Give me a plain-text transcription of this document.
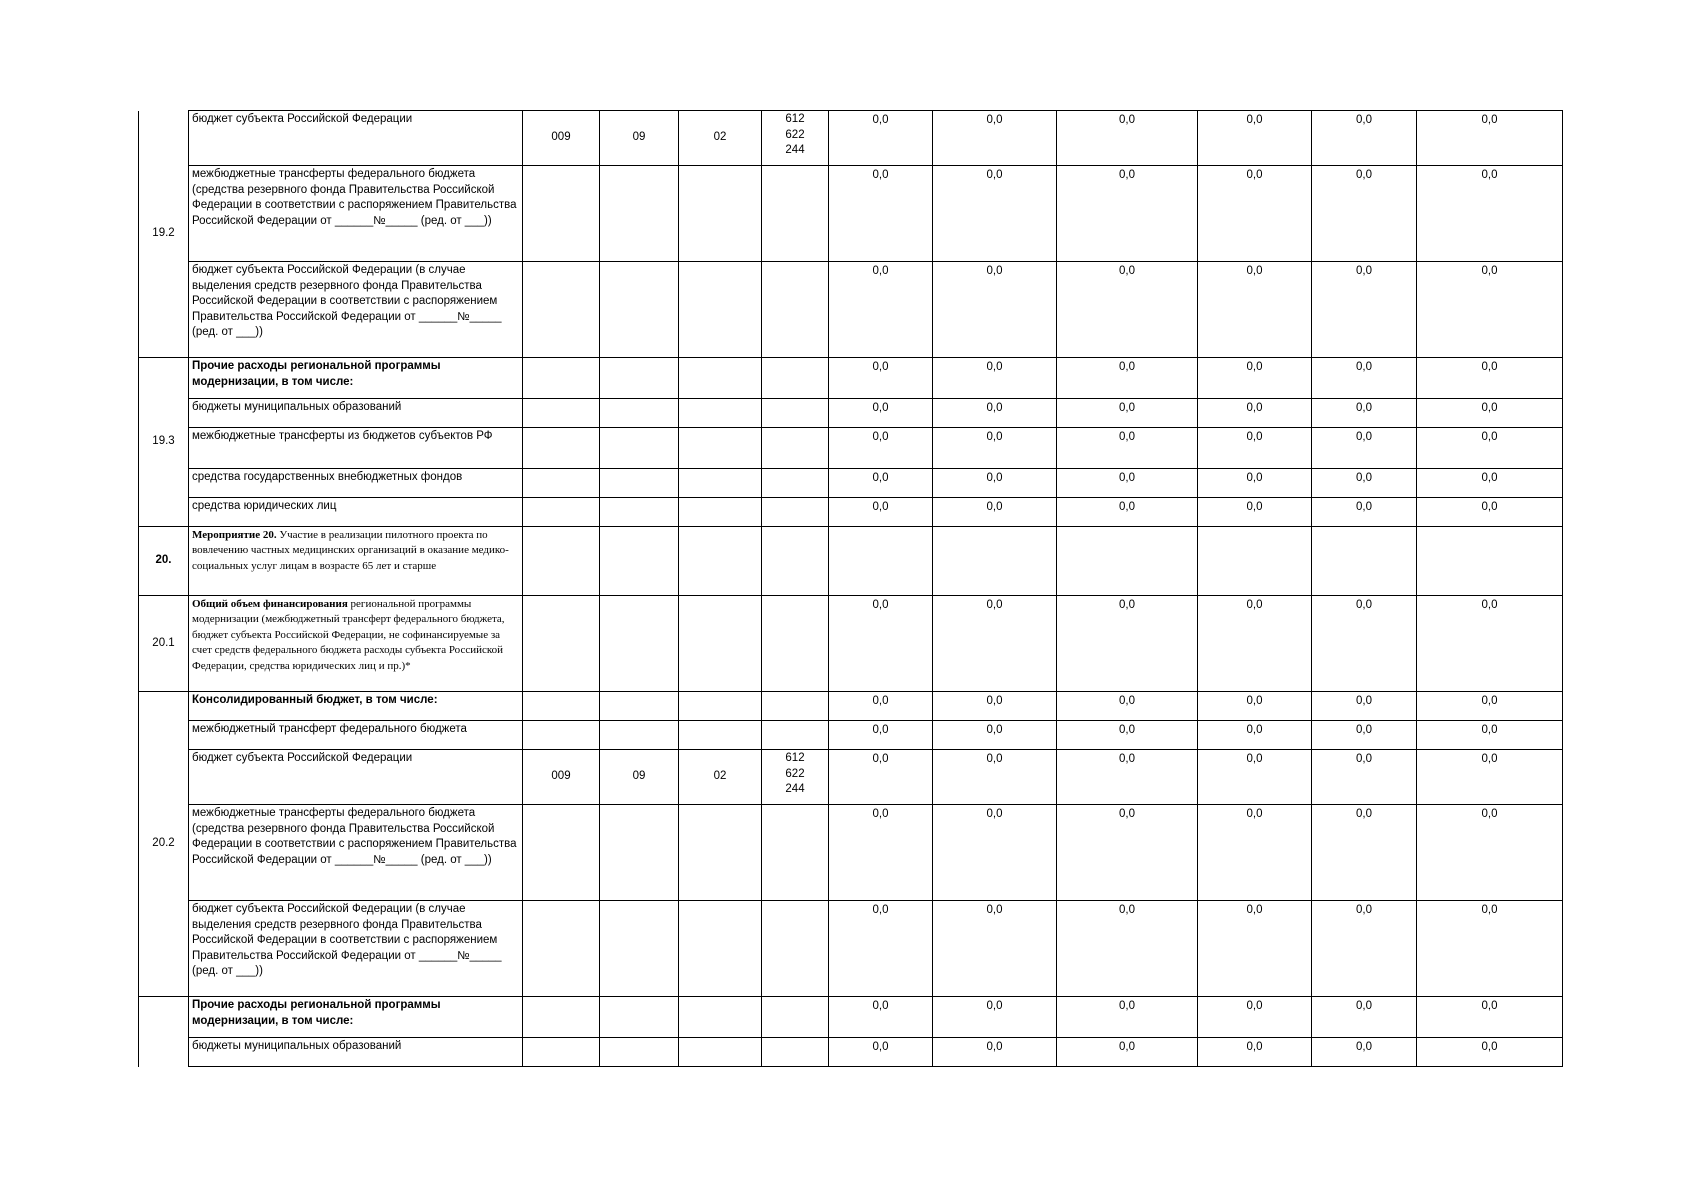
19.2	бюджет субъекта Российской Федерации	009	09	02	612
622
244	0,0	0,0	0,0	0,0	0,0	0,0
	межбюджетные трансферты федерального бюджета (средства резервного фонда Правительства Российской Федерации в соответствии с распоряжением Правительства Российской Федерации от ______№_____ (ред. от ___))					0,0	0,0	0,0	0,0	0,0	0,0
	бюджет субъекта Российской Федерации (в случае выделения средств резервного фонда Правительства Российской Федерации в соответствии с распоряжением Правительства Российской Федерации от ______№_____ (ред. от ___))					0,0	0,0	0,0	0,0	0,0	0,0
19.3	Прочие расходы региональной программы модернизации, в том числе:					0,0	0,0	0,0	0,0	0,0	0,0
	бюджеты муниципальных образований					0,0	0,0	0,0	0,0	0,0	0,0
	межбюджетные трансферты из бюджетов субъектов РФ					0,0	0,0	0,0	0,0	0,0	0,0
	средства государственных внебюджетных фондов					0,0	0,0	0,0	0,0	0,0	0,0
	средства юридических лиц					0,0	0,0	0,0	0,0	0,0	0,0
20.	Мероприятие 20. Участие в реализации пилотного проекта по вовлечению частных медицинских организаций в оказание медико-социальных услуг лицам в возрасте 65 лет и старше										
20.1	Общий объем финансирования региональной программы модернизации (межбюджетный трансферт федерального бюджета, бюджет субъекта Российской Федерации, не софинансируемые за счет средств федерального бюджета расходы субъекта Российской Федерации, средства юридических лиц и пр.)*					0,0	0,0	0,0	0,0	0,0	0,0
20.2	Консолидированный бюджет, в том числе:					0,0	0,0	0,0	0,0	0,0	0,0
	межбюджетный трансферт федерального бюджета					0,0	0,0	0,0	0,0	0,0	0,0
	бюджет субъекта Российской Федерации	009	09	02	612
622
244	0,0	0,0	0,0	0,0	0,0	0,0
	межбюджетные трансферты федерального бюджета (средства резервного фонда Правительства Российской Федерации в соответствии с распоряжением Правительства Российской Федерации от ______№_____ (ред. от ___))					0,0	0,0	0,0	0,0	0,0	0,0
	бюджет субъекта Российской Федерации (в случае выделения средств резервного фонда Правительства Российской Федерации в соответствии с распоряжением Правительства Российской Федерации от ______№_____ (ред. от ___))					0,0	0,0	0,0	0,0	0,0	0,0
	Прочие расходы региональной программы модернизации, в том числе:					0,0	0,0	0,0	0,0	0,0	0,0
	бюджеты муниципальных образований					0,0	0,0	0,0	0,0	0,0	0,0
